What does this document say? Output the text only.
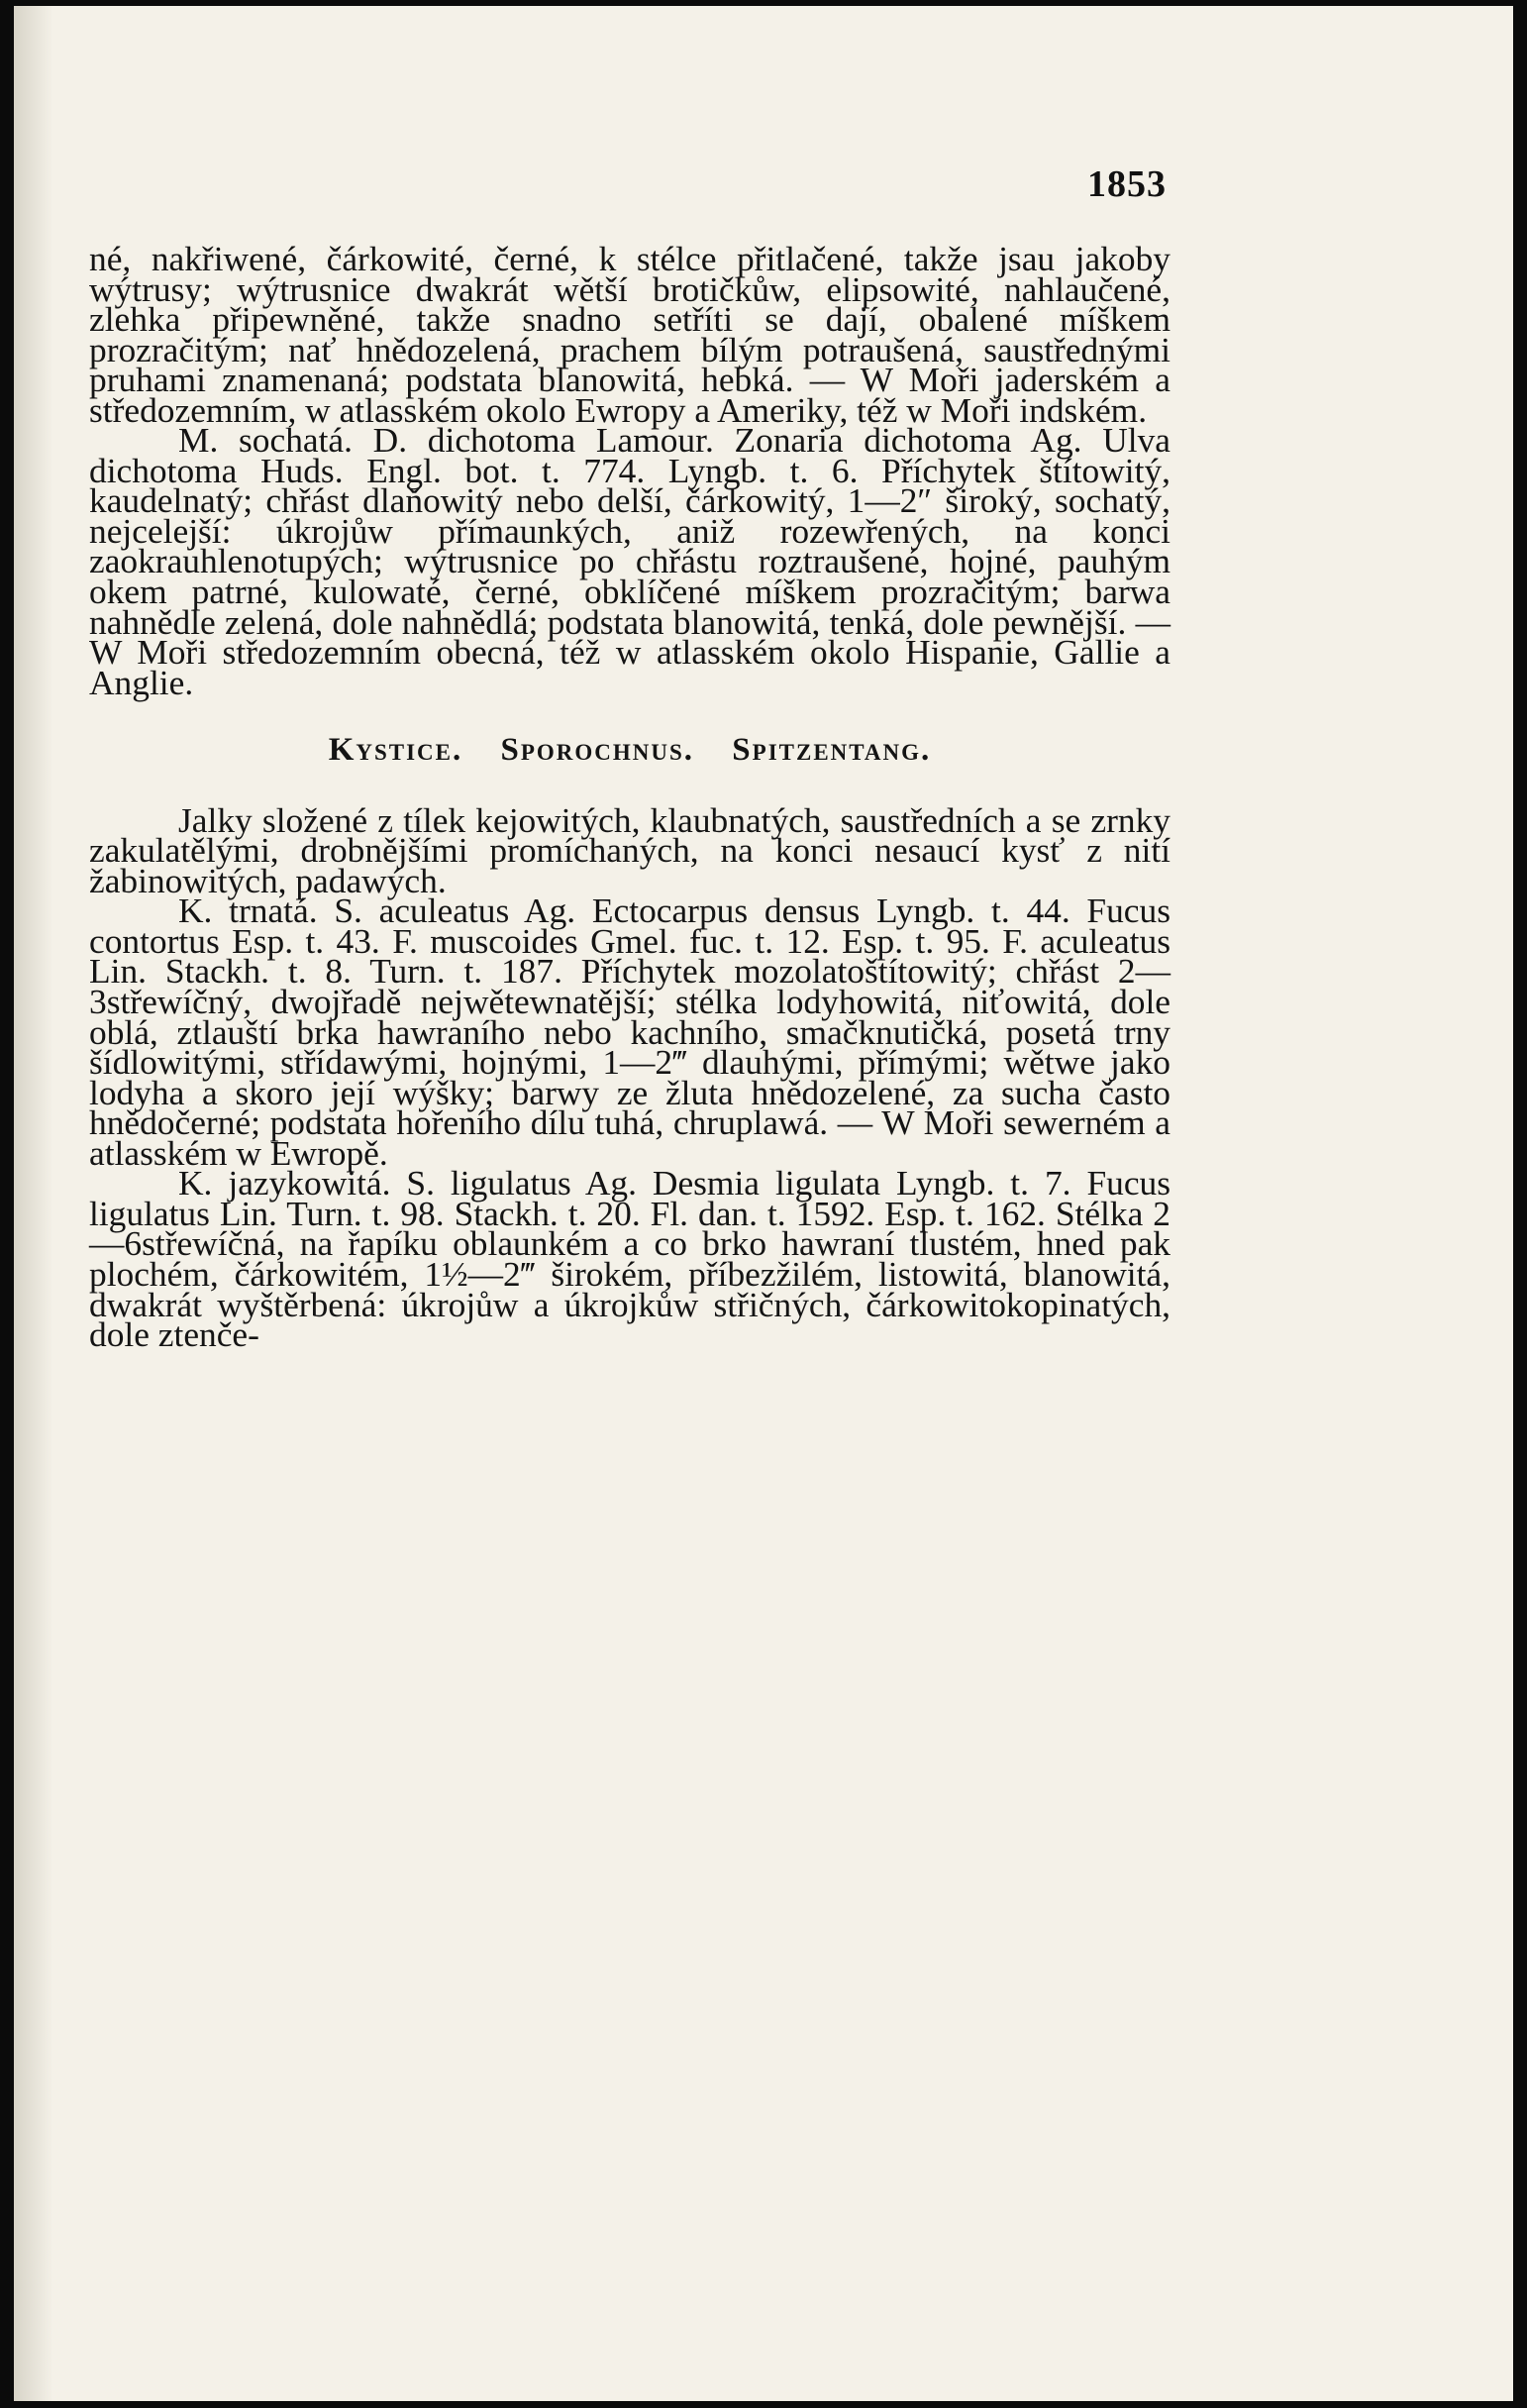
1853

né, nakřiwené, čárkowité, černé, k stélce přitlačené, takže jsau jakoby wýtrusy; wýtrusnice dwakrát wětší brotičkůw, elipsowité, nahlaučené, zlehka připewněné, takže snadno setříti se dají, obalené míškem prozračitým; nať hnědozelená, prachem bílým potraušená, saustřednými pruhami znamenaná; podstata blanowitá, hebká. — W Moři jaderském a středozemním, w atlasském okolo Ewropy a Ameriky, též w Moři indském.

M. sochatá. D. dichotoma Lamour. Zonaria dichotoma Ag. Ulva dichotoma Huds. Engl. bot. t. 774. Lyngb. t. 6. Příchytek štítowitý, kaudelnatý; chřást dlaňowitý nebo delší, čárkowitý, 1—2″ široký, sochatý, nejcelejší: úkrojůw přímaunkých, aniž rozewřených, na konci zaokrauhlenotupých; wýtrusnice po chřástu roztraušené, hojné, pauhým okem patrné, kulowaté, černé, obklíčené míškem prozračitým; barwa nahnědle zelená, dole nahnědlá; podstata blanowitá, tenká, dole pewnější. — W Moři středozemním obecná, též w atlasském okolo Hispanie, Gallie a Anglie.

Kystice. Sporochnus. Spitzentang.

Jalky složené z tílek kejowitých, klaubnatých, saustředních a se zrnky zakulatělými, drobnějšími promíchaných, na konci nesaucí kysť z nití žabinowitých, padawých.

K. trnatá. S. aculeatus Ag. Ectocarpus densus Lyngb. t. 44. Fucus contortus Esp. t. 43. F. muscoides Gmel. fuc. t. 12. Esp. t. 95. F. aculeatus Lin. Stackh. t. 8. Turn. t. 187. Příchytek mozolatoštítowitý; chřást 2—3střewíčný, dwojřadě nejwětewnatější; stélka lodyhowitá, niťowitá, dole oblá, ztlauští brka hawraního nebo kachního, smačknutičká, posetá trny šídlowitými, střídawými, hojnými, 1—2‴ dlauhými, přímými; wětwe jako lodyha a skoro její wýšky; barwy ze žluta hnědozelené, za sucha často hnědočerné; podstata hořeního dílu tuhá, chruplawá. — W Moři sewerném a atlasském w Ewropě.

K. jazykowitá. S. ligulatus Ag. Desmia ligulata Lyngb. t. 7. Fucus ligulatus Lin. Turn. t. 98. Stackh. t. 20. Fl. dan. t. 1592. Esp. t. 162. Stélka 2—6střewíčná, na řapíku oblaunkém a co brko hawraní tlustém, hned pak plochém, čárkowitém, 1½—2‴ širokém, příbezžilém, listowitá, blanowitá, dwakrát wyštěrbená: úkrojůw a úkrojkůw střičných, čárkowitokopinatých, dole ztenče-
